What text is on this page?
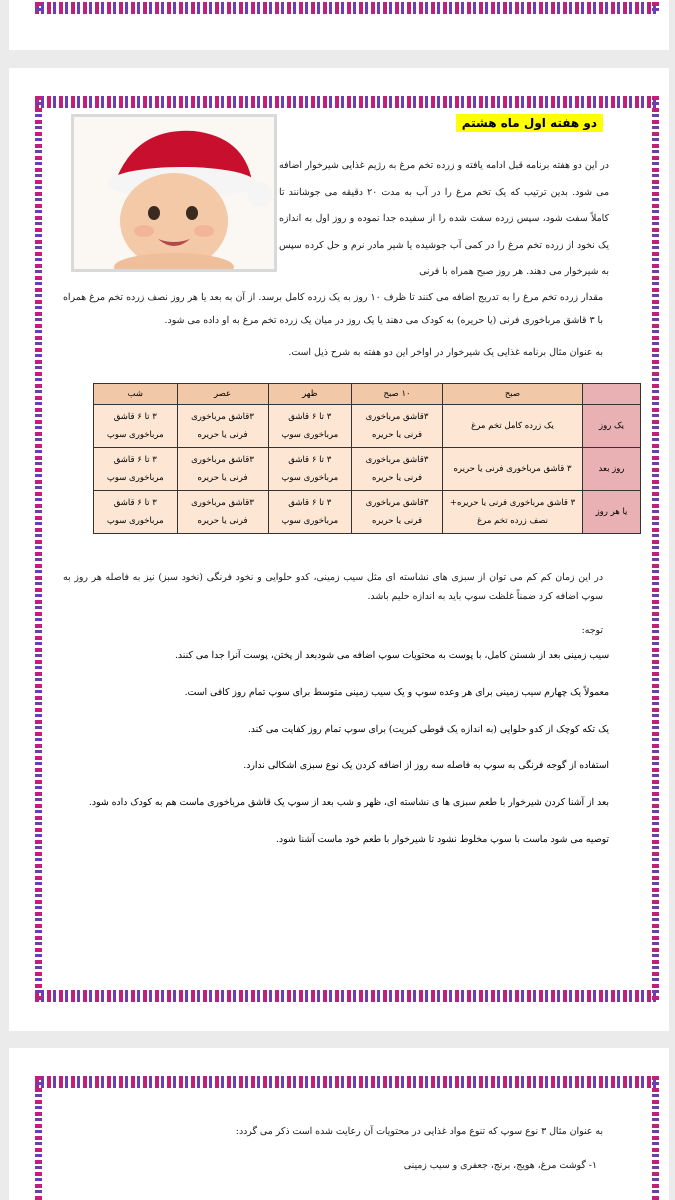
دو هفته اول ماه هشتم

در این دو هفته برنامه قبل ادامه یافته و زرده تخم مرغ به رژیم غذایی شیرخوار اضافه می شود. بدین ترتیب که یک تخم مرغ را در آب به مدت ۲۰ دقیقه می جوشانند تا کاملاً سفت شود، سپس زرده سفت شده را از سفیده جدا نموده و روز اول به اندازه یک نخود از زرده تخم مرغ را در کمی آب جوشیده یا شیر مادر نرم و حل کرده سپس به شیرخوار می دهند. هر روز صبح همراه با فرنی

مقدار زرده تخم مرغ را به تدریج اضافه می کنند تا ظرف ۱۰ روز به یک زرده کامل برسد. از آن به بعد یا هر روز نصف زرده تخم مرغ همراه با ۳ قاشق مرباخوری فرنی (یا حریره) به کودک می دهند یا یک روز در میان یک زرده تخم مرغ به او داده می شود.

به عنوان مثال برنامه غذایی یک شیرخوار در اواخر این دو هفته به شرح ذیل است.

	صبح	۱۰ صبح	ظهر	عصر	شب
یک روز	یک زرده کامل تخم مرغ	۳قاشق مرباخوری فرنی یا حریره	۳ تا ۶ قاشق مرباخوری سوپ	۳قاشق مرباخوری فرنی یا حریره	۳ تا ۶ قاشق مرباخوری سوپ
روز بعد	۳ قاشق مرباخوری فرنی یا حریره	۳قاشق مرباخوری فرنی یا حریره	۳ تا ۶ قاشق مرباخوری سوپ	۳قاشق مرباخوری فرنی یا حریره	۳ تا ۶ قاشق مرباخوری سوپ
یا هر روز	۳ قاشق مرباخوری فرنی یا حریره+ نصف زرده تخم مرغ	۳قاشق مرباخوری فرنی یا حریره	۳ تا ۶ قاشق مرباخوری سوپ	۳قاشق مرباخوری فرنی یا حریره	۳ تا ۶ قاشق مرباخوری سوپ

در این زمان کم کم می توان از سبزی های نشاسته ای مثل سیب زمینی، کدو حلوایی و نخود فرنگی (نخود سبز) نیز به فاصله هر روز به سوپ اضافه کرد ضمناً غلظت سوپ باید به اندازه حلیم باشد.

توجه:

سیب زمینی بعد از شستن کامل، با پوست به محتویات سوپ اضافه می شودبعد از پختن، پوست آنرا جدا می کنند.
معمولاً یک چهارم سیب زمینی برای هر وعده سوپ و یک سیب زمینی متوسط برای سوپ تمام روز کافی است.
یک تکه کوچک از کدو حلوایی (به اندازه یک قوطی کبریت) برای سوپ تمام روز کفایت می کند.
استفاده از گوجه فرنگی به سوپ به فاصله سه روز از اضافه کردن یک نوع سبزی اشکالی ندارد.
بعد از آشنا کردن شیرخوار با طعم سبزی ها ی نشاسته ای، ظهر و شب بعد از سوپ یک قاشق مرباخوری ماست هم به کودک داده شود.
توصیه می شود ماست با سوپ مخلوط نشود تا شیرخوار با طعم خود ماست آشنا شود.

به عنوان مثال ۳ نوع سوپ که تنوع مواد غذایی در محتویات آن رعایت شده است ذکر می گردد:

۱- گوشت مرغ، هویج، برنج، جعفری و سیب زمینی
